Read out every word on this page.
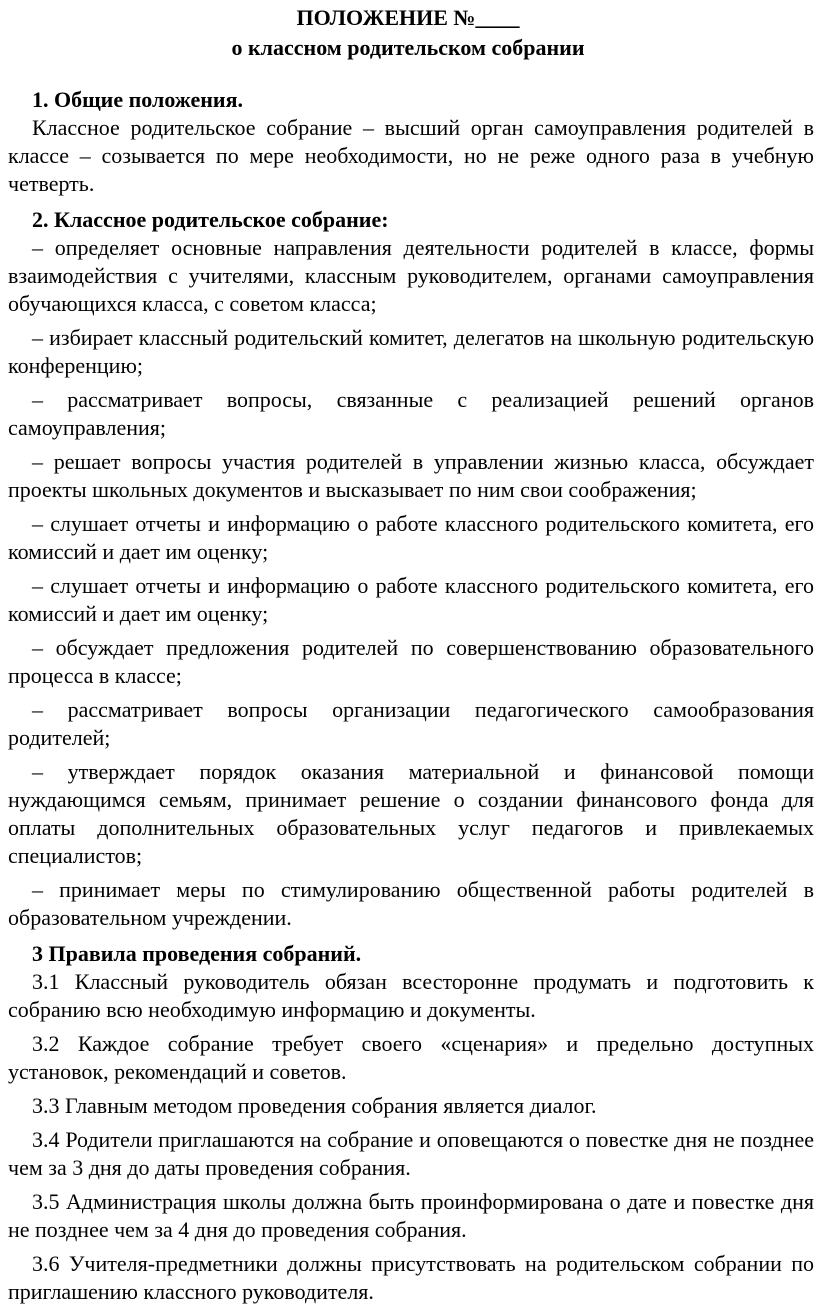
ПОЛОЖЕНИЕ №____
о классном родительском собрании

1. Общие положения.

Классное родительское собрание – высший орган самоуправления родителей в классе – созывается по мере необходимости, но не реже одного раза в учебную четверть.

2. Классное родительское собрание:

– определяет основные направления деятельности родителей в классе, формы взаимодействия с учителями, классным руководителем, органами самоуправления обучающихся класса, с советом класса;

– избирает классный родительский комитет, делегатов на школьную родительскую конференцию;

– рассматривает вопросы, связанные с реализацией решений органов самоуправления;

– решает вопросы участия родителей в управлении жизнью класса, обсуждает проекты школьных документов и высказывает по ним свои соображения;

– слушает отчеты и информацию о работе классного родительского комитета, его комиссий и дает им оценку;

– слушает отчеты и информацию о работе классного родительского комитета, его комиссий и дает им оценку;

– обсуждает предложения родителей по совершенствованию образовательного процесса в классе;

– рассматривает вопросы организации педагогического самообразования родителей;

– утверждает порядок оказания материальной и финансовой помощи нуждающимся семьям, принимает решение о создании финансового фонда для оплаты дополнительных образовательных услуг педагогов и привлекаемых специалистов;

– принимает меры по стимулированию общественной работы родителей в образовательном учреждении.

3 Правила проведения собраний.

3.1 Классный руководитель обязан всесторонне продумать и подготовить к собранию всю необходимую информацию и документы.

3.2 Каждое собрание требует своего «сценария» и предельно доступных установок, рекомендаций и советов.

3.3 Главным методом проведения собрания является диалог.

3.4 Родители приглашаются на собрание и оповещаются о повестке дня не позднее чем за 3 дня до даты проведения собрания.

3.5 Администрация школы должна быть проинформирована о дате и повестке дня не позднее чем за 4 дня до проведения собрания.

3.6 Учителя-предметники должны присутствовать на родительском собрании по приглашению классного руководителя.
